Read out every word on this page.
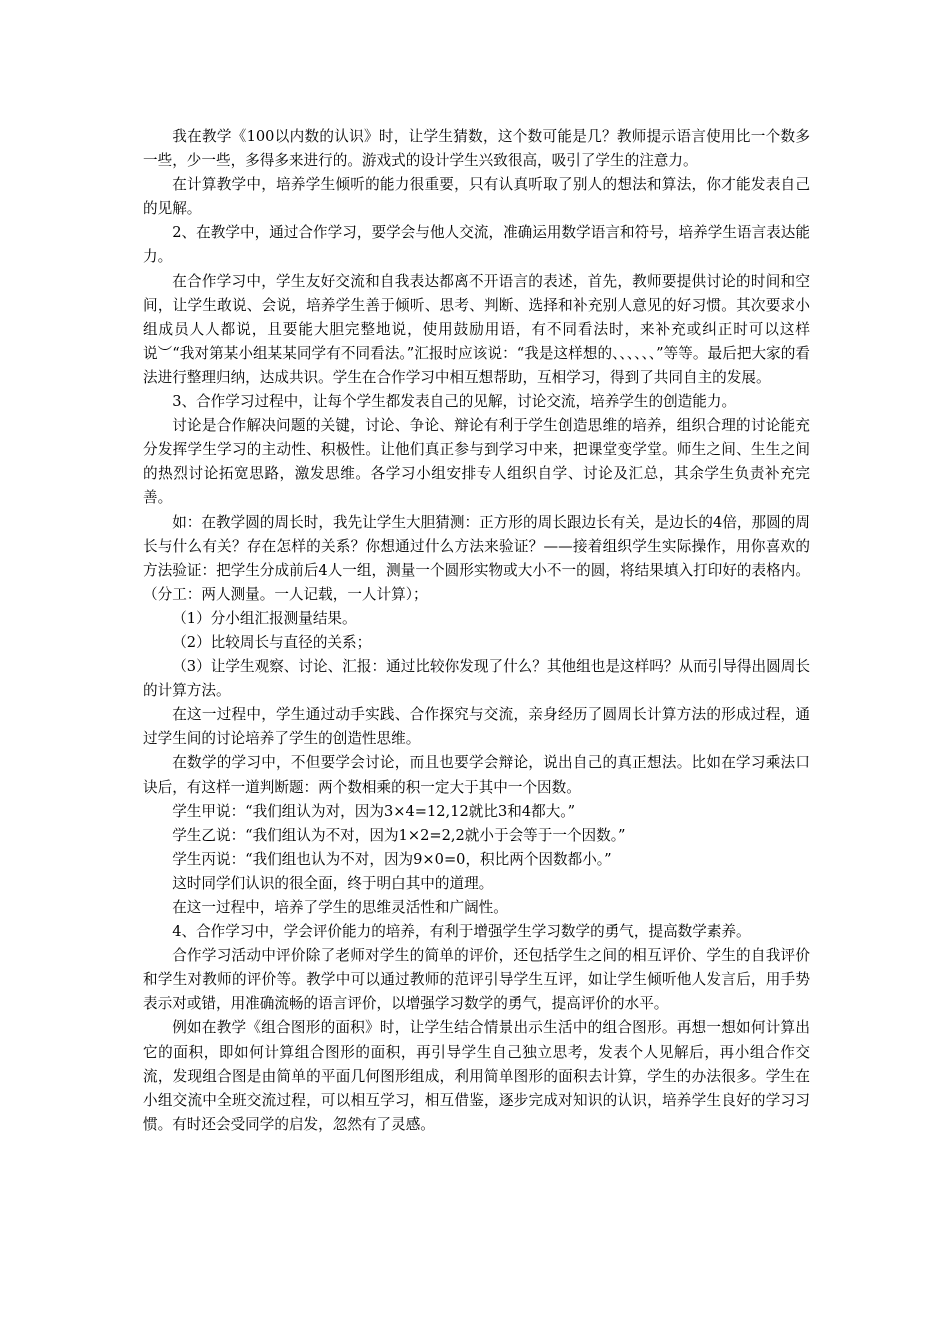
我在教学《100以内数的认识》时，让学生猜数，这个数可能是几？教师提示语言使用比一个数多一些，少一些，多得多来进行的。游戏式的设计学生兴致很高，吸引了学生的注意力。

在计算教学中，培养学生倾听的能力很重要，只有认真听取了别人的想法和算法，你才能发表自己的见解。

2、在教学中，通过合作学习，要学会与他人交流，准确运用数学语言和符号，培养学生语言表达能力。

在合作学习中，学生友好交流和自我表达都离不开语言的表述，首先，教师要提供讨论的时间和空间，让学生敢说、会说，培养学生善于倾听、思考、判断、选择和补充别人意见的好习惯。其次要求小组成员人人都说，且要能大胆完整地说，使用鼓励用语，有不同看法时，来补充或纠正时可以这样说︶“我对第某小组某某同学有不同看法。”汇报时应该说：“我是这样想的、、、、、、”等等。最后把大家的看法进行整理归纳，达成共识。学生在合作学习中相互想帮助，互相学习，得到了共同自主的发展。

3、合作学习过程中，让每个学生都发表自己的见解，讨论交流，培养学生的创造能力。

讨论是合作解决问题的关键，讨论、争论、辩论有利于学生创造思维的培养，组织合理的讨论能充分发挥学生学习的主动性、积极性。让他们真正参与到学习中来，把课堂变学堂。师生之间、生生之间的热烈讨论拓宽思路，激发思维。各学习小组安排专人组织自学、讨论及汇总，其余学生负责补充完善。

如：在教学圆的周长时，我先让学生大胆猜测：正方形的周长跟边长有关，是边长的4倍，那圆的周长与什么有关？存在怎样的关系？你想通过什么方法来验证？——接着组织学生实际操作，用你喜欢的方法验证：把学生分成前后4人一组，测量一个圆形实物或大小不一的圆，将结果填入打印好的表格内。（分工：两人测量。一人记载，一人计算）；

（1）分小组汇报测量结果。

（2）比较周长与直径的关系；

（3）让学生观察、讨论、汇报：通过比较你发现了什么？其他组也是这样吗？从而引导得出圆周长的计算方法。

在这一过程中，学生通过动手实践、合作探究与交流，亲身经历了圆周长计算方法的形成过程，通过学生间的讨论培养了学生的创造性思维。

在数学的学习中，不但要学会讨论，而且也要学会辩论，说出自己的真正想法。比如在学习乘法口诀后，有这样一道判断题：两个数相乘的积一定大于其中一个因数。

学生甲说：“我们组认为对，因为3×4=12,12就比3和4都大。”

学生乙说：“我们组认为不对，因为1×2=2,2就小于会等于一个因数。”

学生丙说：“我们组也认为不对，因为9×0=0，积比两个因数都小。”

这时同学们认识的很全面，终于明白其中的道理。

在这一过程中，培养了学生的思维灵活性和广阔性。

4、合作学习中，学会评价能力的培养，有利于增强学生学习数学的勇气，提高数学素养。

合作学习活动中评价除了老师对学生的简单的评价，还包括学生之间的相互评价、学生的自我评价和学生对教师的评价等。教学中可以通过教师的范评引导学生互评，如让学生倾听他人发言后，用手势表示对或错，用准确流畅的语言评价，以增强学习数学的勇气，提高评价的水平。

例如在教学《组合图形的面积》时，让学生结合情景出示生活中的组合图形。再想一想如何计算出它的面积，即如何计算组合图形的面积，再引导学生自己独立思考，发表个人见解后，再小组合作交流，发现组合图是由简单的平面几何图形组成，利用简单图形的面积去计算，学生的办法很多。学生在小组交流中全班交流过程，可以相互学习，相互借鉴，逐步完成对知识的认识，培养学生良好的学习习惯。有时还会受同学的启发，忽然有了灵感。
